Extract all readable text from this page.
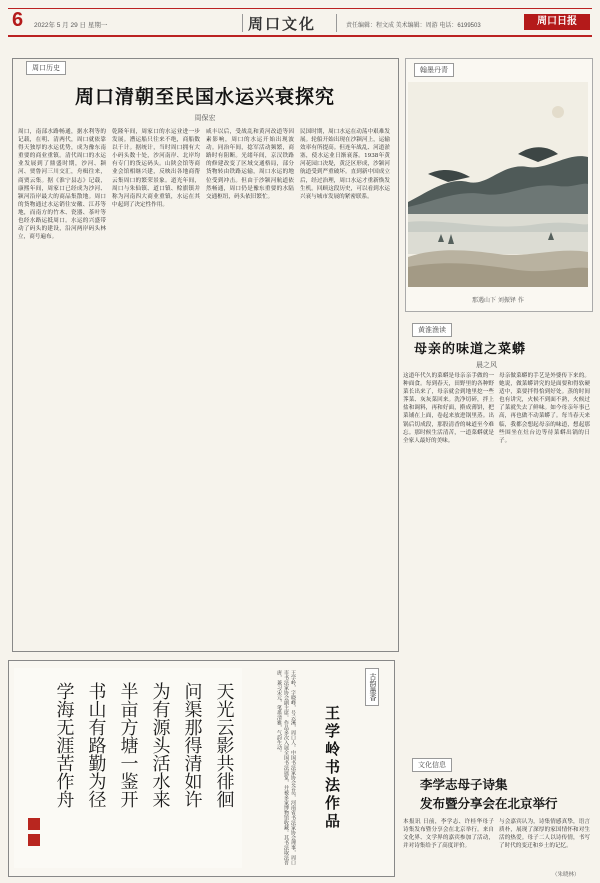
6 2022年 5 月 29 日 星期一	周口文化	责任编辑：程文成 美术编辑：周游 电话：6199503	周口日报
周口历史
周口清朝至民国水运兴衰探究
周保宏
周口，南部水路畅通，据水利等的记载，在明、清两代，周口就依靠得天独厚的水运优势，成为豫东南重要的商业重镇。清代周口的水运业发展到了鼎盛时期，沙河、颍河、贾鲁河三川交汇，舟楫往来，商贾云集。据《淮宁县志》记载，康熙年间，周家口已经成为沙河、颍河沿岸最大的商品集散地。周口的货物通过水运销往安徽、江苏等地，而南方的竹木、瓷器、茶叶等也经水路运抵周口。水运的兴盛带动了码头的建设，沿河两岸码头林立，商号遍布。
乾隆年间，周家口的水运业进一步发展。漕运船只往来不绝，商船数以千计。据统计，当时周口拥有大小码头数十处，沙河南岸、北岸均有专门的货运码头。山陕会馆等商业会馆相继兴建，反映出各地商帮云集周口的繁荣景象。道光年间，周口与朱仙镇、道口镇、赊旗镇并称为河南四大商业重镇，水运在其中起到了决定性作用。
咸丰以后，受战乱和黄河改道等因素影响，周口的水运开始出现波动。同治年间，捻军活动频繁，商路时有阻断。光绪年间，京汉铁路的修建改变了区域交通格局，部分货物转由铁路运输，周口水运的地位受到冲击。但由于沙颍河航道依然畅通，周口仍是豫东重要的水陆交通枢纽，码头依旧繁忙。
民国时期，周口水运在动荡中艰难发展。轮船开始出现在沙颍河上，运输效率有所提高。但连年战乱、河道淤塞，使水运业日渐衰落。1938年黄河花园口决堤，黄泛区形成，沙颍河航道受到严重破坏。直到新中国成立后，经过治理，周口水运才重新焕发生机。回顾这段历史，可以看到水运兴衰与城市发展的紧密联系。
翰墨丹青
那遇山下 刘振铎 作
黄淮渔读
母亲的味道之菜蟒
晨之风
这道年代久的菜蟒是母亲亲手做的一种面食。每到春天，田野里的各种野菜长出来了，母亲就会到地里挖一些荠菜、灰灰菜回来。洗净切碎，拌上盐和调料，再和好面，擀成薄饼，把菜铺在上面，卷起来放进锅里蒸。出锅后切成段，那股清香的味道至今难忘。那时候生活清苦，一道菜蟒就是全家人最好的美味。
母亲做菜蟒的手艺是外婆传下来的。她说，做菜蟒讲究的是面要和得软硬适中，菜要拌得恰到好处。蒸的时间也有讲究，火候不到面不熟，火候过了菜就失去了鲜味。如今母亲年事已高，再也做不动菜蟒了。每当春天来临，我都会想起母亲的味道，想起那些围坐在灶台边等待菜蟒出锅的日子。
天光云影共徘徊
问渠那得清如许
为有源头活水来
半亩方塘一鉴开
书山有路勤为径
学海无涯苦作舟	王学岭，字晓峰，号云溪，周口人。中国书法家协会会员，河南省书法家协会理事，周口市书法家协会副主席。作品多次入展全国书法展览，并被多家博物馆收藏。其书法取法晋唐，兼习宋元，笔墨清雅，气韵生动。	古韵墨香
王学岭书法作品	文化信息
李学志母子诗集
发布暨分享会在北京举行
本报讯 日前，李学志、许桂华母子诗集发布暨分享会在北京举行。来自文化界、文学界的嘉宾参加了活动，并对诗集给予了高度评价。
与会嘉宾认为，诗集情感真挚，语言质朴，展现了深厚的家国情怀和对生活的热爱。母子二人以诗传情，书写了时代的变迁和乡土的记忆。
（朱晓林）
